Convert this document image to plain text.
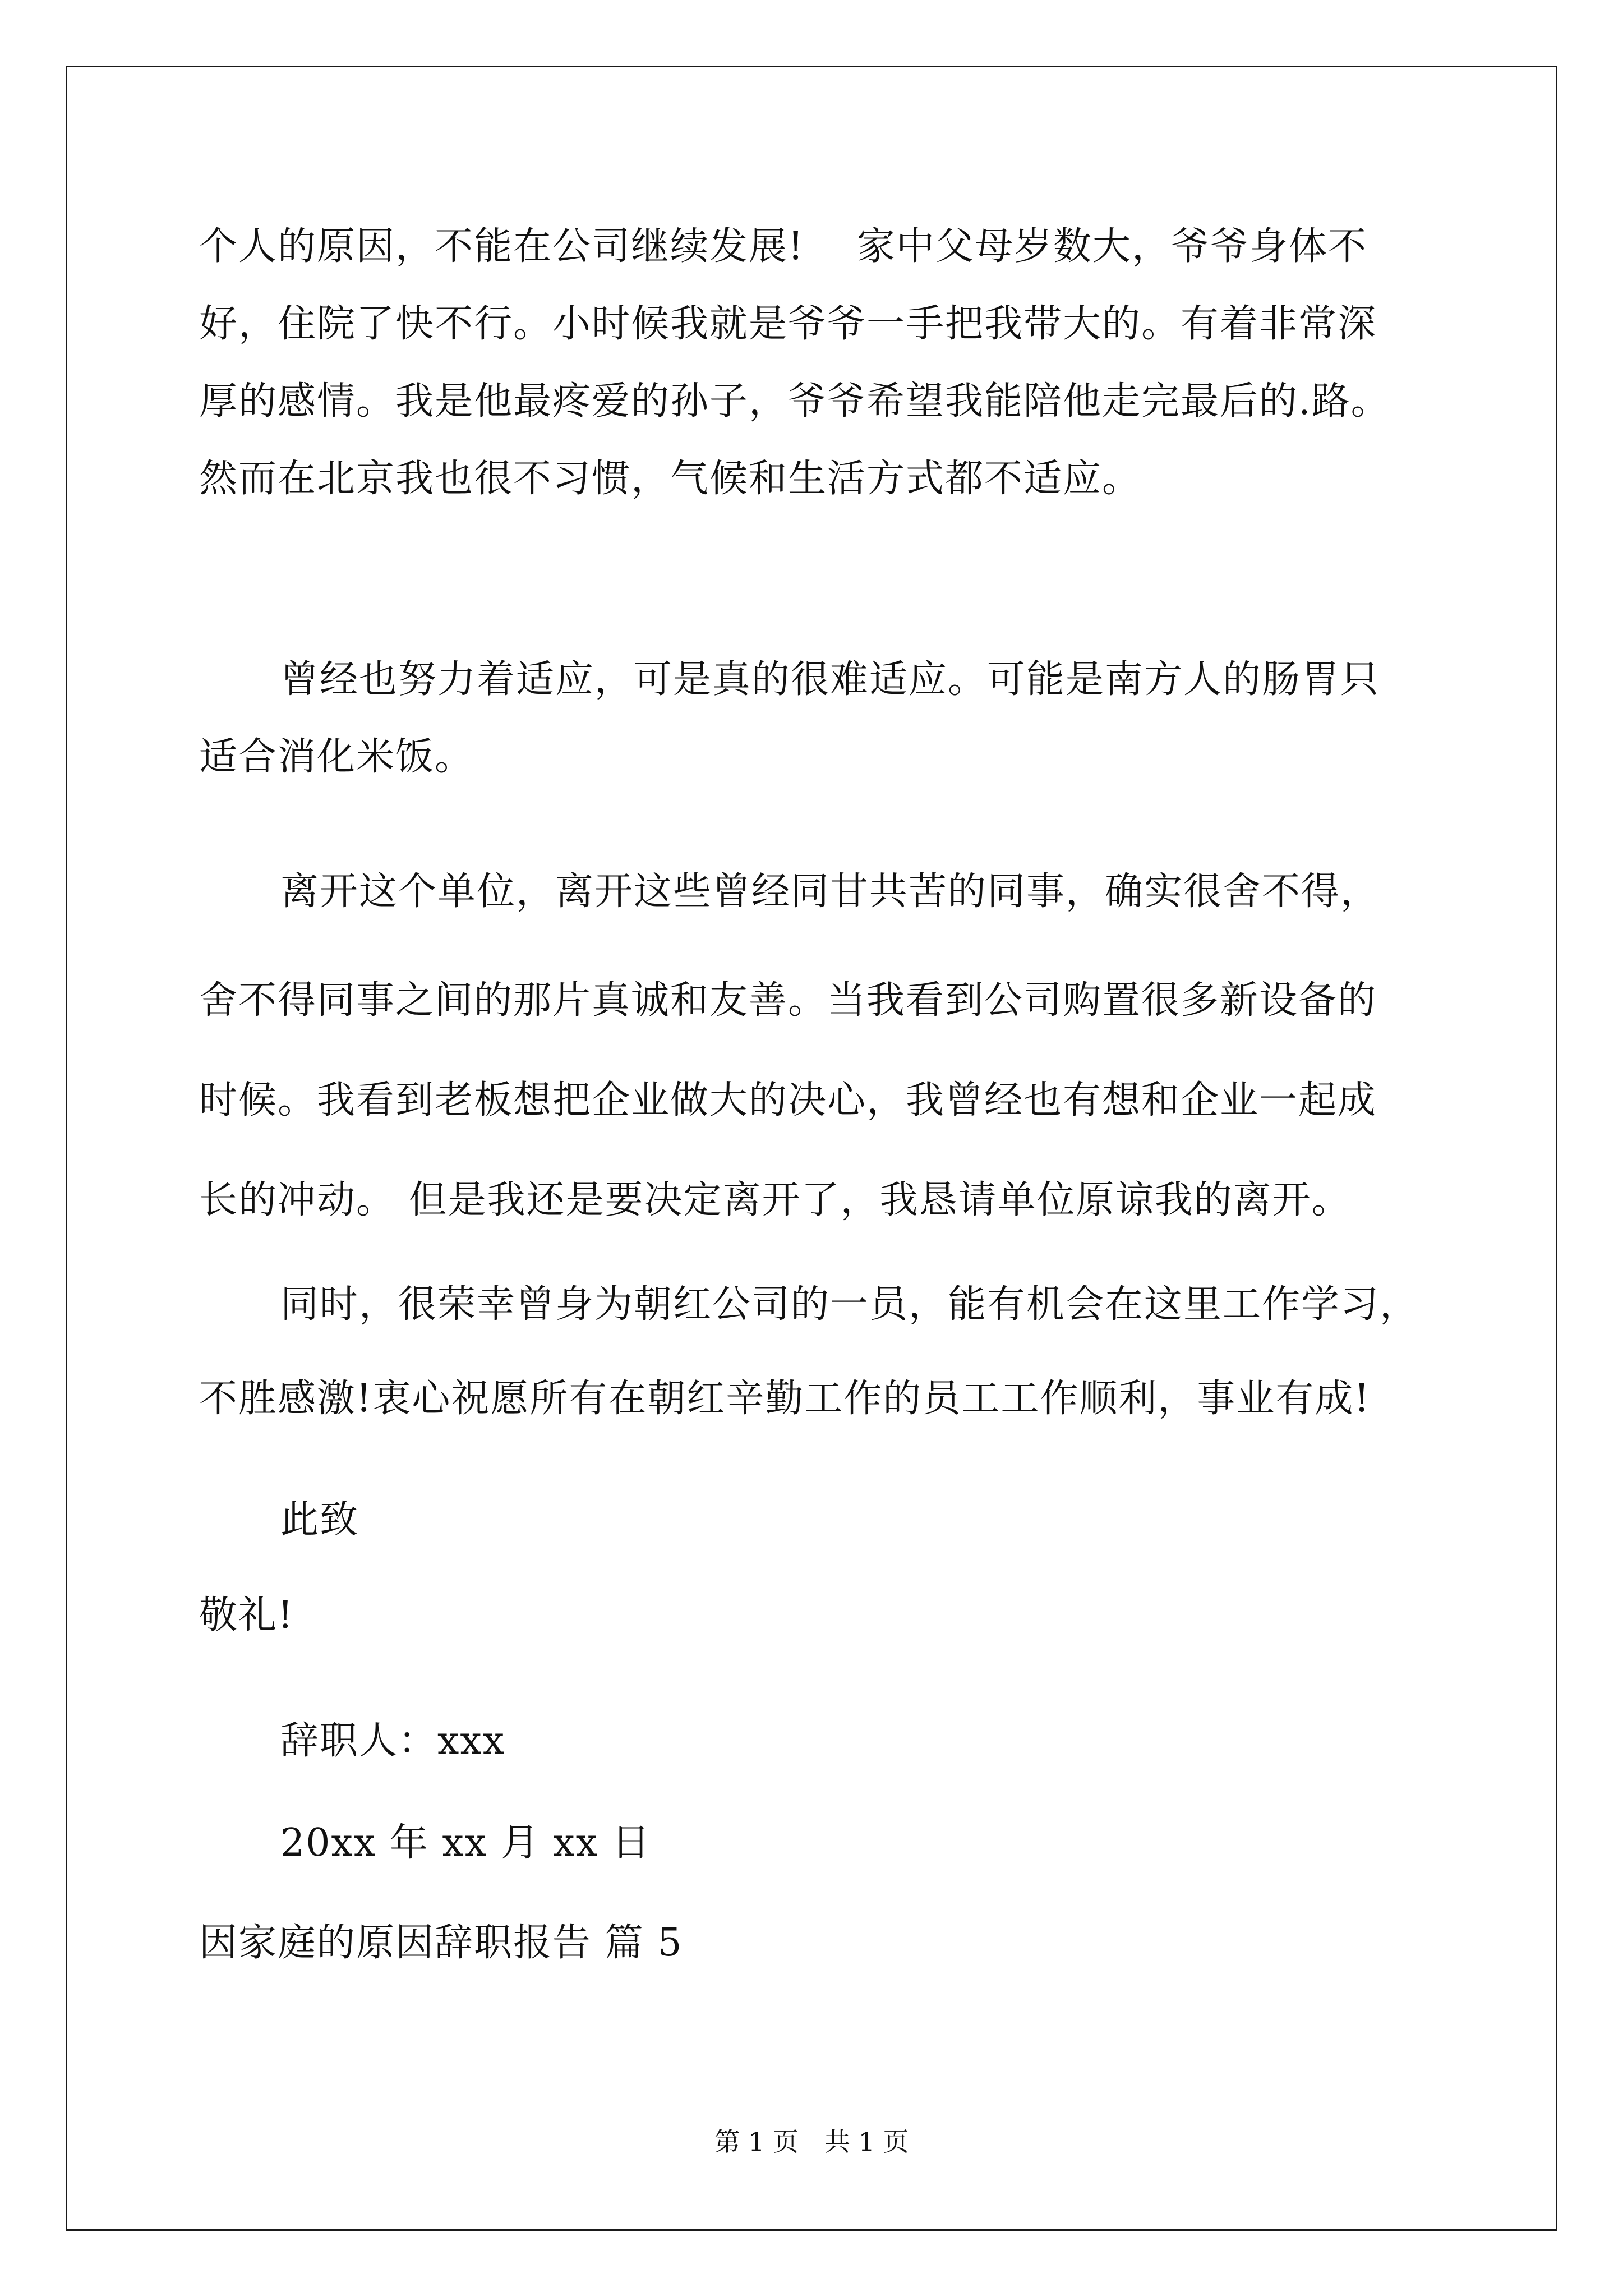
个人的原因，不能在公司继续发展!　 家中父母岁数大，爷爷身体不
好，住院了快不行。小时候我就是爷爷一手把我带大的。有着非常深
厚的感情。我是他最疼爱的孙子，爷爷希望我能陪他走完最后的.路。
然而在北京我也很不习惯，气候和生活方式都不适应。
曾经也努力着适应，可是真的很难适应。可能是南方人的肠胃只
适合消化米饭。
离开这个单位，离开这些曾经同甘共苦的同事，确实很舍不得，
舍不得同事之间的那片真诚和友善。当我看到公司购置很多新设备的
时候。我看到老板想把企业做大的决心，我曾经也有想和企业一起成
长的冲动。 但是我还是要决定离开了，我恳请单位原谅我的离开。
同时，很荣幸曾身为朝红公司的一员，能有机会在这里工作学习，
不胜感激!衷心祝愿所有在朝红辛勤工作的员工工作顺利，事业有成!
此致
敬礼!
辞职人：xxx
20xx 年 xx 月 xx 日
因家庭的原因辞职报告 篇 5
第 1 页　共 1 页
